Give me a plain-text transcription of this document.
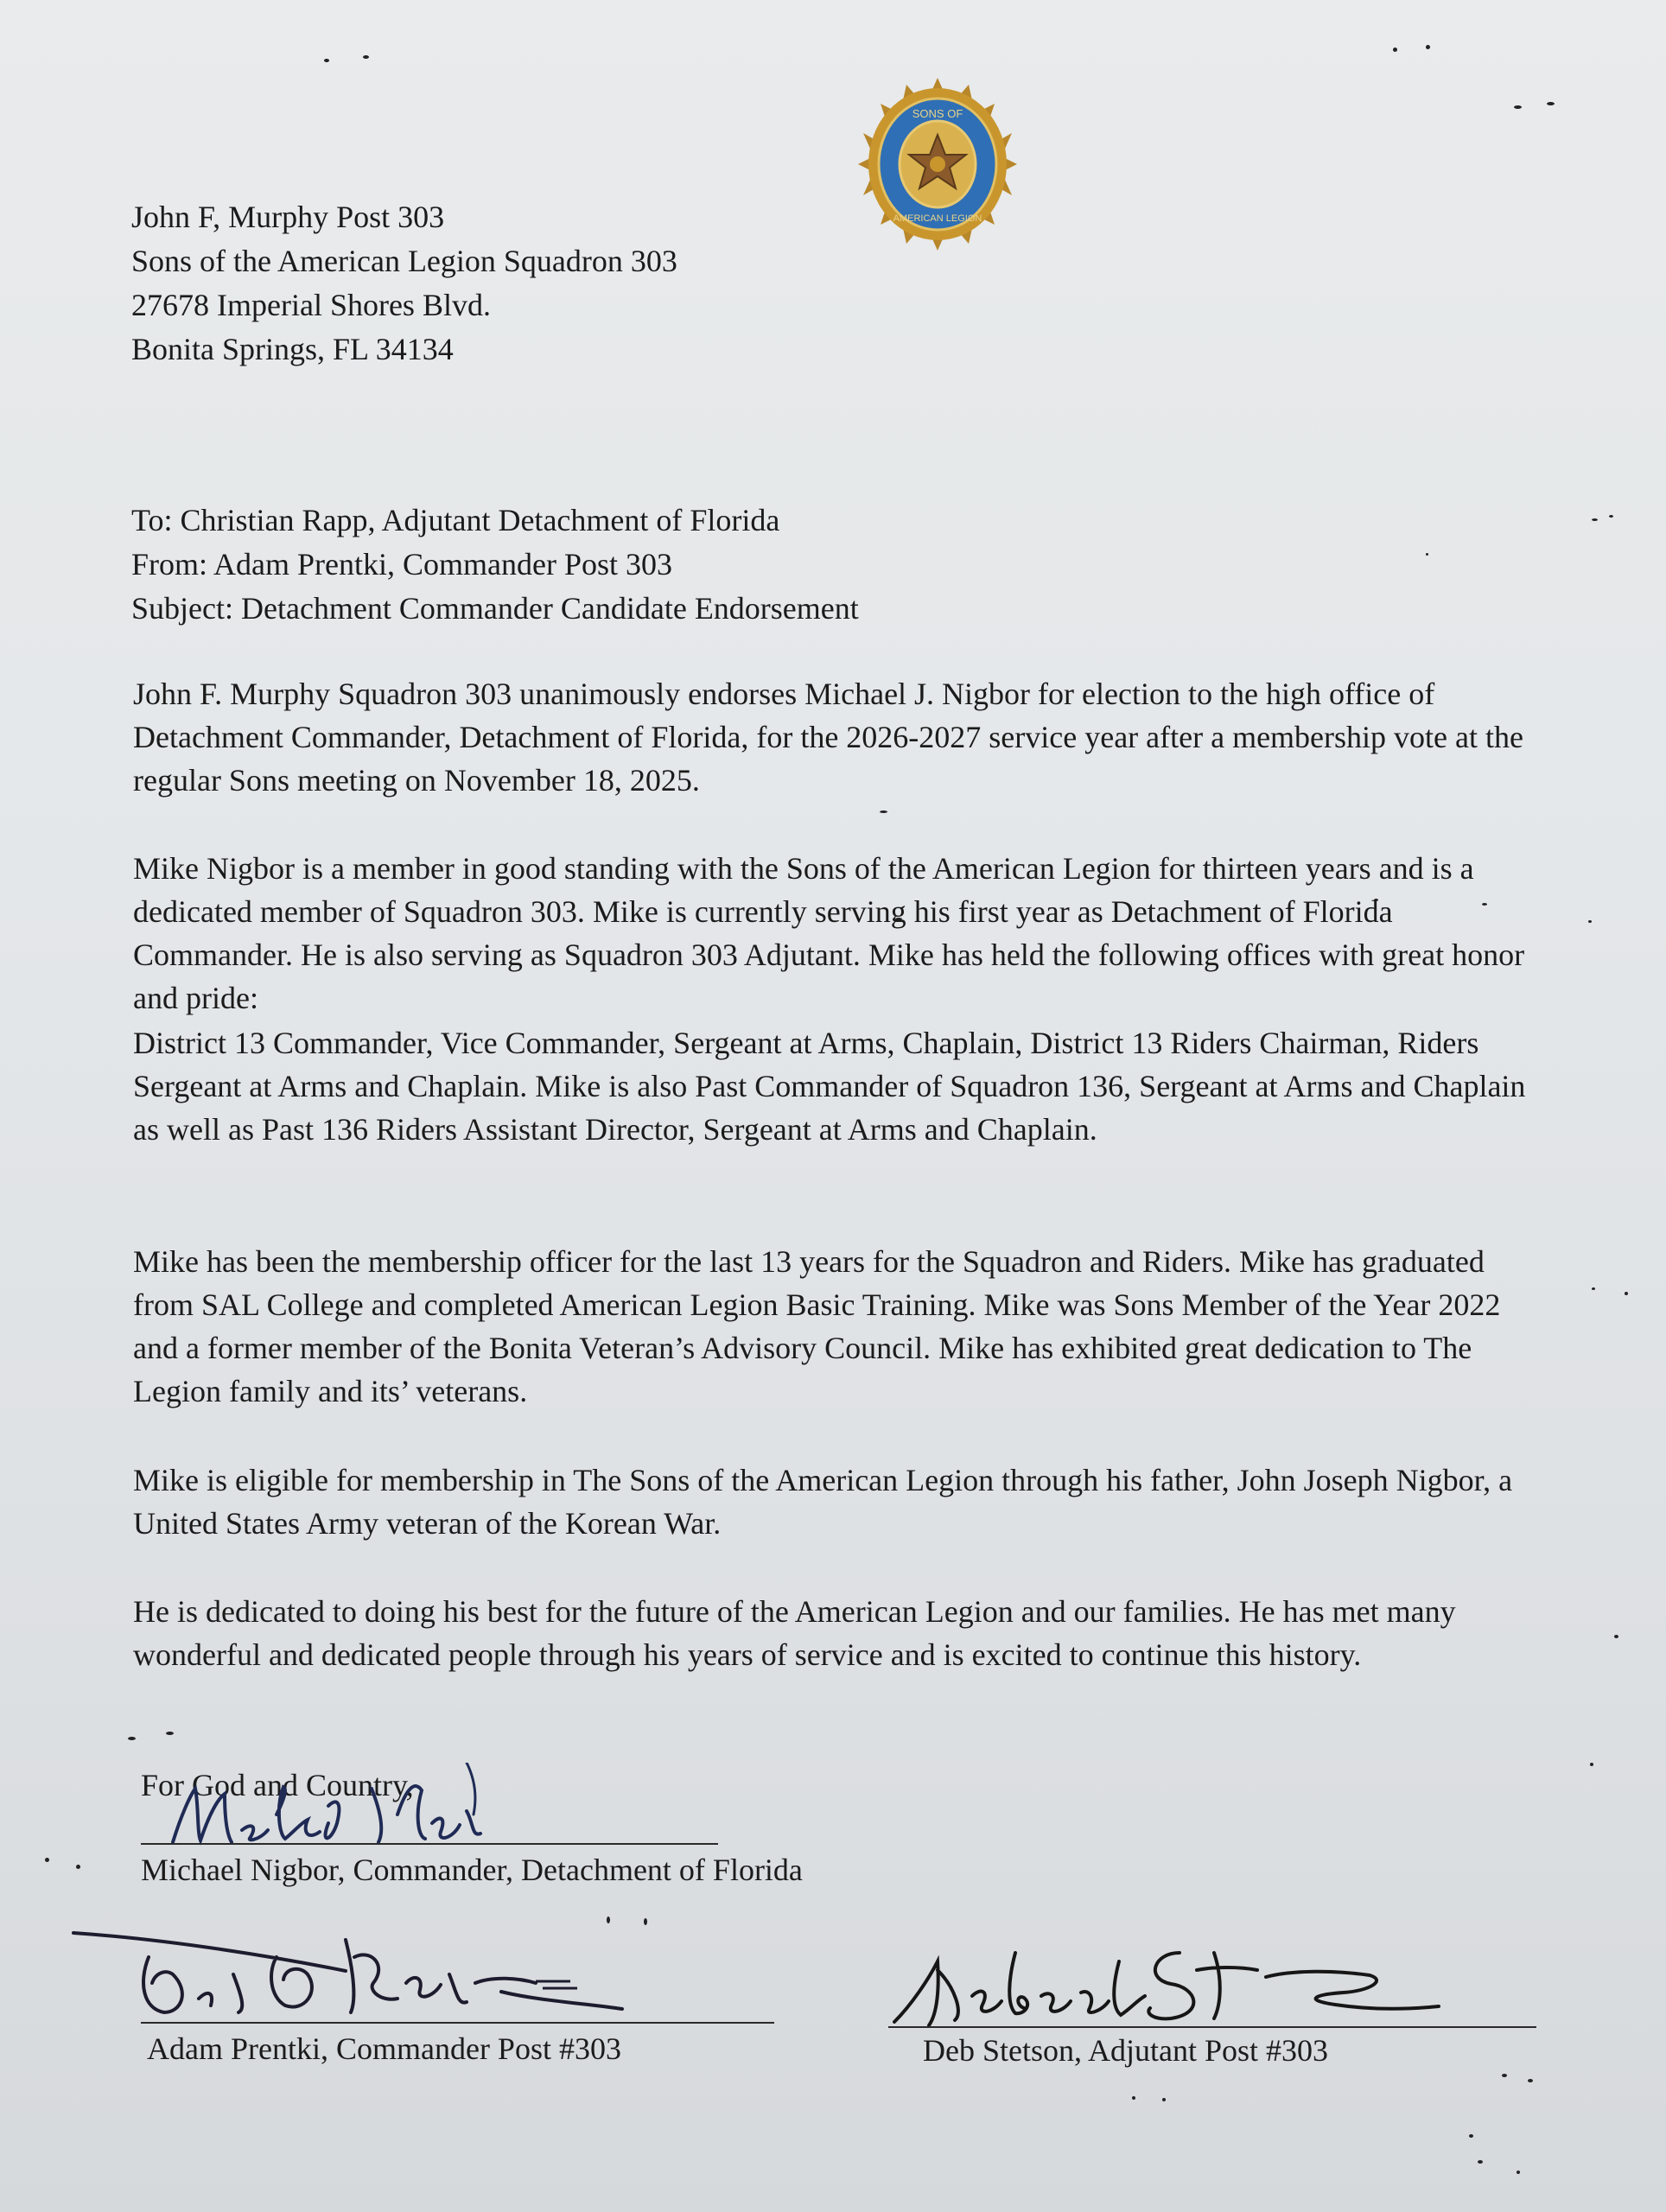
SONS OF
AMERICAN LEGION
John F, Murphy Post 303
Sons of the American Legion Squadron 303
27678 Imperial Shores Blvd.
Bonita Springs, FL 34134
To: Christian Rapp, Adjutant Detachment of Florida
From: Adam Prentki, Commander Post 303
Subject: Detachment Commander Candidate Endorsement

John F. Murphy Squadron 303 unanimously endorses Michael J. Nigbor for election to the high office of Detachment Commander, Detachment of Florida, for the 2026-2027 service year after a membership vote at the regular Sons meeting on November 18, 2025.

Mike Nigbor is a member in good standing with the Sons of the American Legion for thirteen years and is a dedicated member of Squadron 303. Mike is currently serving his first year as Detachment of Florida Commander. He is also serving as Squadron 303 Adjutant. Mike has held the following offices with great honor and pride:

District 13 Commander, Vice Commander, Sergeant at Arms, Chaplain, District 13 Riders Chairman, Riders Sergeant at Arms and Chaplain. Mike is also Past Commander of Squadron 136, Sergeant at Arms and Chaplain as well as Past 136 Riders Assistant Director, Sergeant at Arms and Chaplain.

Mike has been the membership officer for the last 13 years for the Squadron and Riders. Mike has graduated from SAL College and completed American Legion Basic Training. Mike was Sons Member of the Year 2022 and a former member of the Bonita Veteran’s Advisory Council. Mike has exhibited great dedication to The Legion family and its’ veterans.

Mike is eligible for membership in The Sons of the American Legion through his father, John Joseph Nigbor, a United States Army veteran of the Korean War.

He is dedicated to doing his best for the future of the American Legion and our families. He has met many wonderful and dedicated people through his years of service and is excited to continue this history.

For God and Country,
Michael Nigbor, Commander, Detachment of Florida
Adam Prentki, Commander Post #303	Deb Stetson, Adjutant Post #303
